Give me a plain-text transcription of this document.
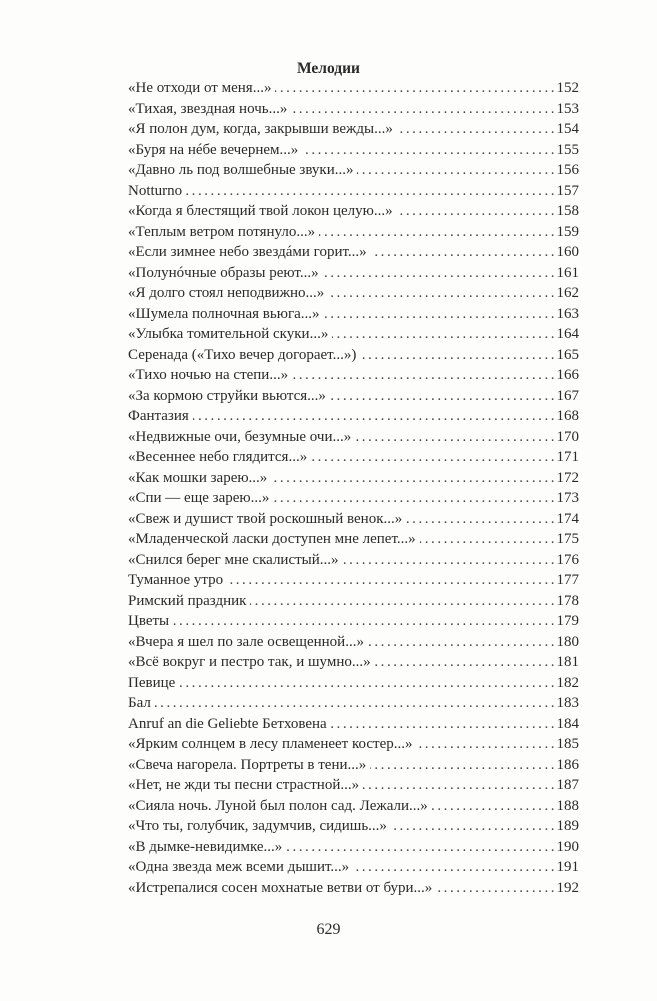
Мелодии
«Не отходи от меня...» . . .	152
«Тихая, звездная ночь...» . . .	153
«Я полон дум, когда, закрывши вежды...» . . .	154
«Буря на нéбе вечернем...» . . .	155
«Давно ль под волшебные звуки...» . . .	156
Notturno . . .	157
«Когда я блестящий твой локон целую...» . . .	158
«Теплым ветром потянуло...» . . .	159
«Если зимнее небо звездáми горит...» . . .	160
«Полунóчные образы реют...» . . .	161
«Я долго стоял неподвижно...» . . .	162
«Шумела полночная вьюга...» . . .	163
«Улыбка томительной скуки...» . . .	164
Серенада («Тихо вечер догорает...») . . .	165
«Тихо ночью на степи...» . . .	166
«За кормою струйки вьются...» . . .	167
Фантазия . . .	168
«Недвижные очи, безумные очи...» . . .	170
«Весеннее небо глядится...» . . .	171
«Как мошки зарею...» . . .	172
«Спи — еще зарею...» . . .	173
«Свеж и душист твой роскошный венок...» . . .	174
«Младенческой ласки доступен мне лепет...» . . .	175
«Снился берег мне скалистый...» . . .	176
Туманное утро . . .	177
Римский праздник . . .	178
Цветы . . .	179
«Вчера я шел по зале освещенной...» . . .	180
«Всё вокруг и пестро так, и шумно...» . . .	181
Певице . . .	182
Бал . . .	183
Anruf an die Geliebte Бетховена . . .	184
«Ярким солнцем в лесу пламенеет костер...» . . .	185
«Свеча нагорела. Портреты в тени...» . . .	186
«Нет, не жди ты песни страстной...» . . .	187
«Сияла ночь. Луной был полон сад. Лежали...» . . .	188
«Что ты, голубчик, задумчив, сидишь...» . . .	189
«В дымке-невидимке...» . . .	190
«Одна звезда меж всеми дышит...» . . .	191
«Истрепалися сосен мохнатые ветви от бури...» . . .	192
629
